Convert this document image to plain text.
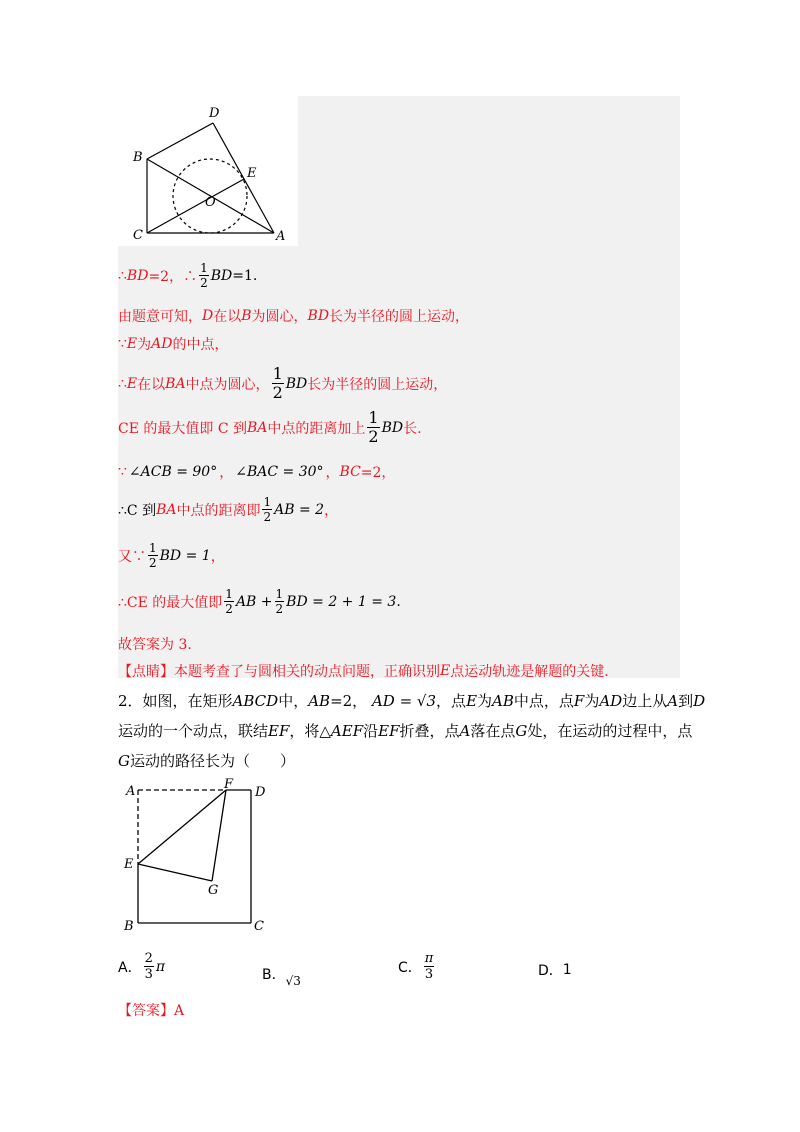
D
B
E
O
C	A
∴ BD =2，∴ $\frac{1}{2}$ BD =1 .
由题意可知， D 在以 B 为圆心， BD 长为半径的圆上运动，
∵ E 为 AD 的中点，
∴ E 在以 BA 中点为圆心， $\frac{1}{2}$ BD 长为半径的圆上运动，
CE 的最大值即 C 到 BA 中点的距离加上 $\frac{1}{2}$ BD 长.
∵ ∠ACB = 90° ， ∠BAC = 30° ， BC =2，
∴C 到 BA 中点的距离即 $\frac{1}{2}$ AB = 2 ，
又∵ $\frac{1}{2}$ BD = 1 ，
∴CE 的最大值即 $\frac{1}{2}$ AB + $\frac{1}{2}$ BD = 2 + 1 = 3 .
故答案为 3.
【点睛】本题考查了与圆相关的动点问题，正确识别 E 点运动轨迹是解题的关键.
2．如图，在矩形ABCD中，AB=2， AD = √3，点E为AB中点，点F为AD边上从A到D
运动的一个动点，联结EF，将△AEF沿EF折叠，点A落在点G处，在运动的过程中，点
G运动的路径长为（　　）
A	F
D
E
G
B	C
A． $\frac{2}{3}$ π
B． √3
C． $\frac{\pi}{3}$	D． 1
【答案】A
